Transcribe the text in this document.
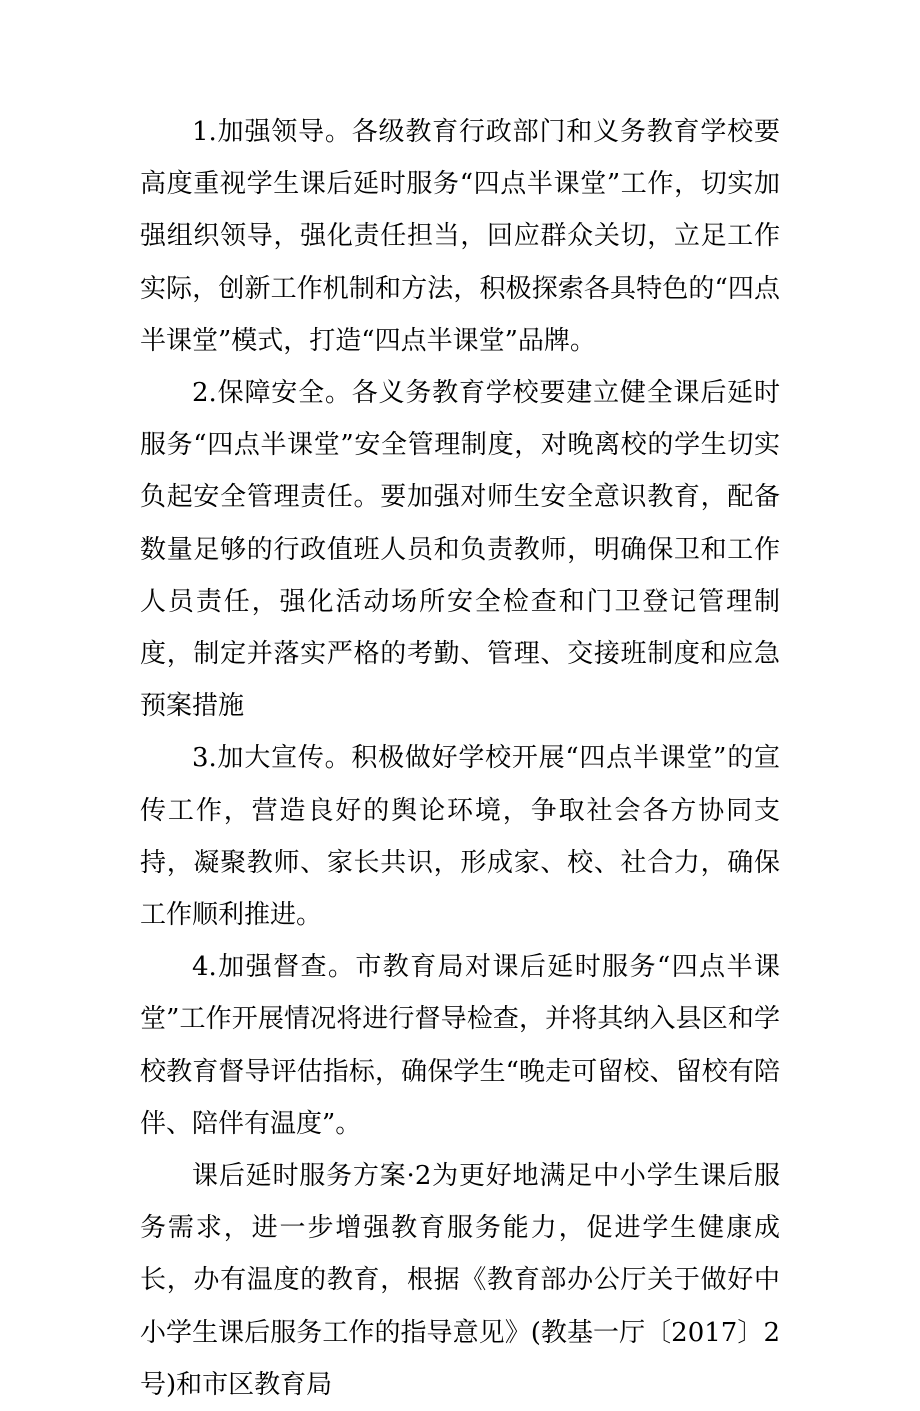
1.加强领导。各级教育行政部门和义务教育学校要高度重视学生课后延时服务“四点半课堂”工作，切实加强组织领导，强化责任担当，回应群众关切，立足工作实际，创新工作机制和方法，积极探索各具特色的“四点半课堂”模式，打造“四点半课堂”品牌。

2.保障安全。各义务教育学校要建立健全课后延时服务“四点半课堂”安全管理制度，对晚离校的学生切实负起安全管理责任。要加强对师生安全意识教育，配备数量足够的行政值班人员和负责教师，明确保卫和工作人员责任，强化活动场所安全检查和门卫登记管理制度，制定并落实严格的考勤、管理、交接班制度和应急预案措施

3.加大宣传。积极做好学校开展“四点半课堂”的宣传工作，营造良好的舆论环境，争取社会各方协同支持，凝聚教师、家长共识，形成家、校、社合力，确保工作顺利推进。

4.加强督查。市教育局对课后延时服务“四点半课堂”工作开展情况将进行督导检查，并将其纳入县区和学校教育督导评估指标，确保学生“晚走可留校、留校有陪伴、陪伴有温度”。

课后延时服务方案·2为更好地满足中小学生课后服务需求，进一步增强教育服务能力，促进学生健康成长，办有温度的教育，根据《教育部办公厅关于做好中小学生课后服务工作的指导意见》(教基一厅〔2017〕2号)和市区教育局
